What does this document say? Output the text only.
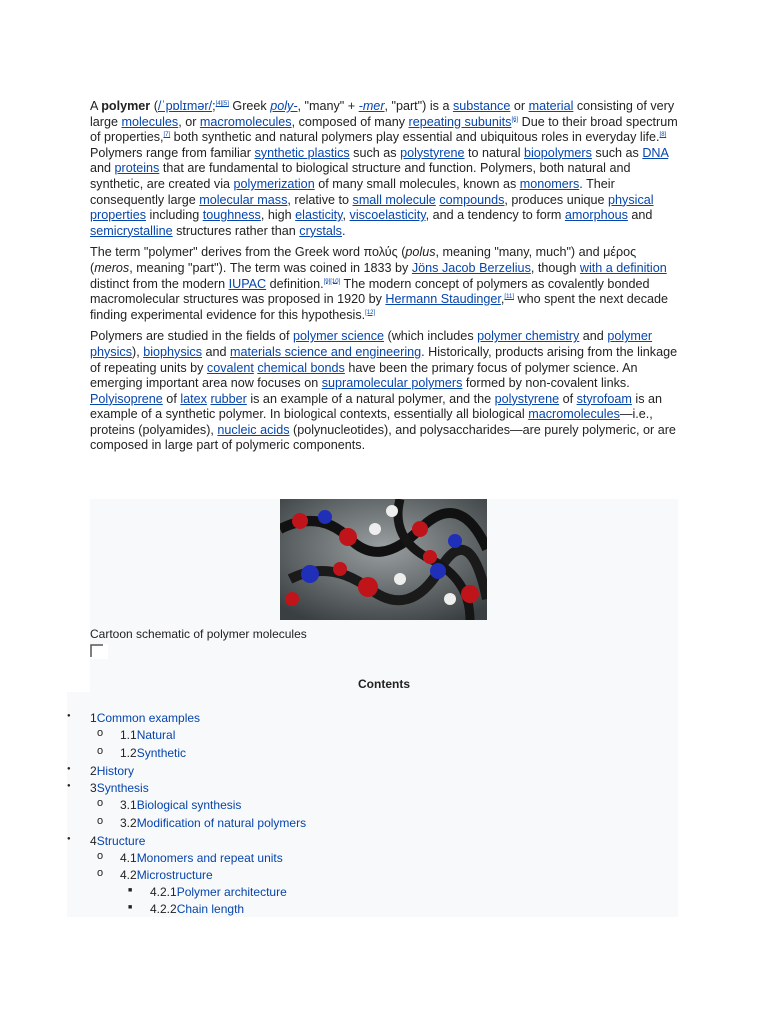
A polymer (/ˈpɒlɪmər/;[4][5] Greek poly-, "many" + -mer, "part") is a substance or material consisting of very large molecules, or macromolecules, composed of many repeating subunits[6] Due to their broad spectrum of properties,[7] both synthetic and natural polymers play essential and ubiquitous roles in everyday life.[8] Polymers range from familiar synthetic plastics such as polystyrene to natural biopolymers such as DNA and proteins that are fundamental to biological structure and function. Polymers, both natural and synthetic, are created via polymerization of many small molecules, known as monomers. Their consequently large molecular mass, relative to small molecule compounds, produces unique physical properties including toughness, high elasticity, viscoelasticity, and a tendency to form amorphous and semicrystalline structures rather than crystals.

The term "polymer" derives from the Greek word πολύς (polus, meaning "many, much") and μέρος (meros, meaning "part"). The term was coined in 1833 by Jöns Jacob Berzelius, though with a definition distinct from the modern IUPAC definition.[9][10] The modern concept of polymers as covalently bonded macromolecular structures was proposed in 1920 by Hermann Staudinger,[11] who spent the next decade finding experimental evidence for this hypothesis.[12]

Polymers are studied in the fields of polymer science (which includes polymer chemistry and polymer physics), biophysics and materials science and engineering. Historically, products arising from the linkage of repeating units by covalent chemical bonds have been the primary focus of polymer science. An emerging important area now focuses on supramolecular polymers formed by non-covalent links. Polyisoprene of latex rubber is an example of a natural polymer, and the polystyrene of styrofoam is an example of a synthetic polymer. In biological contexts, essentially all biological macromolecules—i.e., proteins (polyamides), nucleic acids (polynucleotides), and polysaccharides—are purely polymeric, or are composed in large part of polymeric components.

Cartoon schematic of polymer molecules
Contents
● 1Common examples
o 1.1Natural
o 1.2Synthetic
● 2History
● 3Synthesis
o 3.1Biological synthesis
o 3.2Modification of natural polymers
● 4Structure
o 4.1Monomers and repeat units
o 4.2Microstructure
■ 4.2.1Polymer architecture
■ 4.2.2Chain length
